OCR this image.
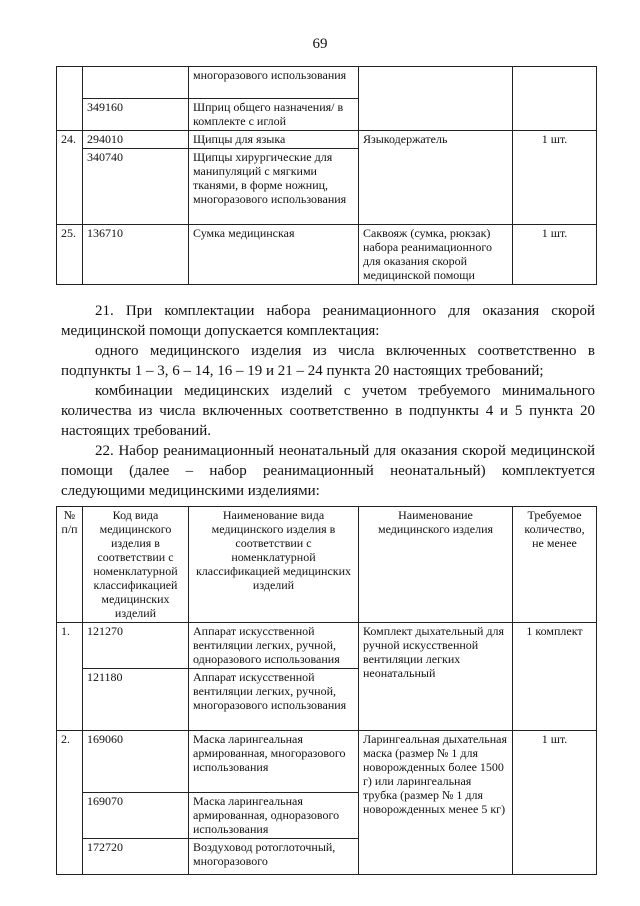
69
		многоразового использования		
	349160	Шприц общего назначения/ в комплекте с иглой		
24.	294010	Щипцы для языка	Языкодержатель	1 шт.
	340740	Щипцы хирургические для манипуляций с мягкими тканями, в форме ножниц, многоразового использования		
25.	136710	Сумка медицинская	Саквояж (сумка, рюкзак) набора реанимационного для оказания скорой медицинской помощи	1 шт.

21. При комплектации набора реанимационного для оказания скорой медицинской помощи допускается комплектация:

одного медицинского изделия из числа включенных соответственно в подпункты 1 – 3, 6 – 14, 16 – 19 и 21 – 24 пункта 20 настоящих требований;

комбинации медицинских изделий с учетом требуемого минимального количества из числа включенных соответственно в подпункты 4 и 5 пункта 20 настоящих требований.

22. Набор реанимационный неонатальный для оказания скорой медицинской помощи (далее – набор реанимационный неонатальный) комплектуется следующими медицинскими изделиями:

№ п/п	Код вида медицинского изделия в соответствии с номенклатурной классификацией медицинских изделий	Наименование вида медицинского изделия в соответствии с номенклатурной классификацией медицинских изделий	Наименование медицинского изделия	Требуемое количество, не менее
1.	121270	Аппарат искусственной вентиляции легких, ручной, одноразового использования	Комплект дыхательный для ручной искусственной вентиляции легких неонатальный	1 комплект
	121180	Аппарат искусственной вентиляции легких, ручной, многоразового использования		
2.	169060	Маска ларингеальная армированная, многоразового использования	Ларингеальная дыхательная маска (размер № 1 для новорожденных более 1500 г) или ларингеальная трубка (размер № 1 для новорожденных менее 5 кг)	1 шт.
	169070	Маска ларингеальная армированная, одноразового использования		
	172720	Воздуховод ротоглоточный, многоразового		
